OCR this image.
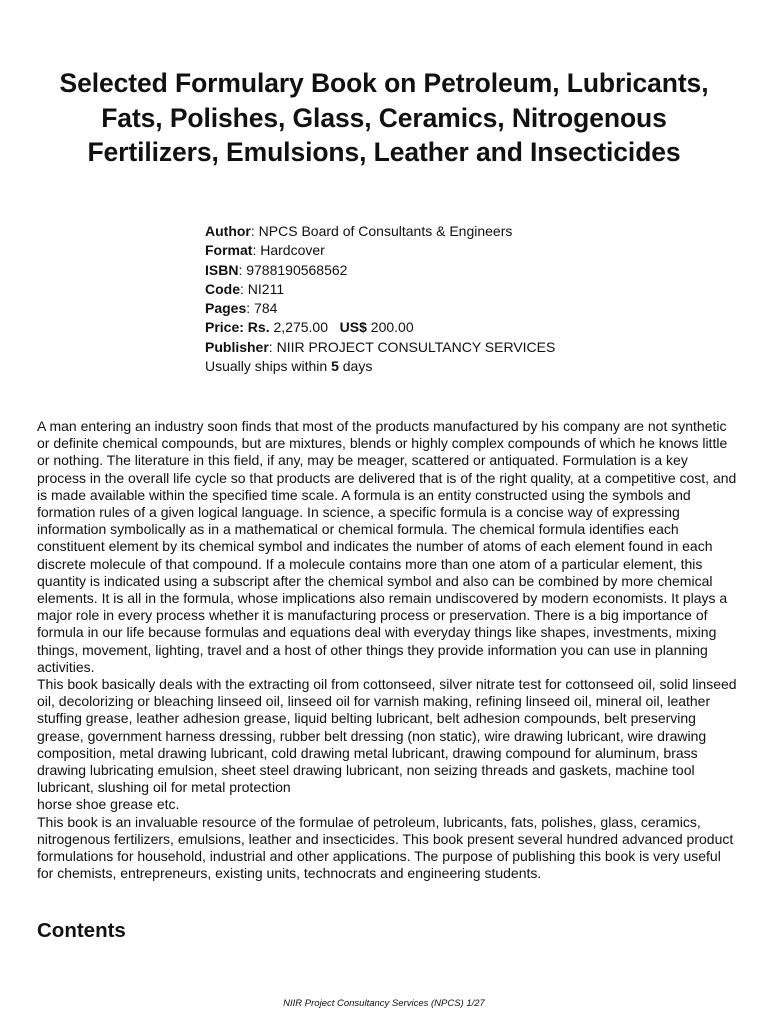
Selected Formulary Book on Petroleum, Lubricants, Fats, Polishes, Glass, Ceramics, Nitrogenous Fertilizers, Emulsions, Leather and Insecticides
Author: NPCS Board of Consultants & Engineers
Format: Hardcover
ISBN: 9788190568562
Code: NI211
Pages: 784
Price: Rs. 2,275.00 US$ 200.00
Publisher: NIIR PROJECT CONSULTANCY SERVICES
Usually ships within 5 days

A man entering an industry soon finds that most of the products manufactured by his company are not synthetic or definite chemical compounds, but are mixtures, blends or highly complex compounds of which he knows little or nothing. The literature in this field, if any, may be meager, scattered or antiquated. Formulation is a key process in the overall life cycle so that products are delivered that is of the right quality, at a competitive cost, and is made available within the specified time scale. A formula is an entity constructed using the symbols and formation rules of a given logical language. In science, a specific formula is a concise way of expressing information symbolically as in a mathematical or chemical formula. The chemical formula identifies each constituent element by its chemical symbol and indicates the number of atoms of each element found in each discrete molecule of that compound. If a molecule contains more than one atom of a particular element, this quantity is indicated using a subscript after the chemical symbol and also can be combined by more chemical elements. It is all in the formula, whose implications also remain undiscovered by modern economists. It plays a major role in every process whether it is manufacturing process or preservation. There is a big importance of formula in our life because formulas and equations deal with everyday things like shapes, investments, mixing things, movement, lighting, travel and a host of other things they provide information you can use in planning activities.

This book basically deals with the extracting oil from cottonseed, silver nitrate test for cottonseed oil, solid linseed oil, decolorizing or bleaching linseed oil, linseed oil for varnish making, refining linseed oil, mineral oil, leather stuffing grease, leather adhesion grease, liquid belting lubricant, belt adhesion compounds, belt preserving grease, government harness dressing, rubber belt dressing (non static), wire drawing lubricant, wire drawing composition, metal drawing lubricant, cold drawing metal lubricant, drawing compound for aluminum, brass drawing lubricating emulsion, sheet steel drawing lubricant, non seizing threads and gaskets, machine tool lubricant, slushing oil for metal protection

horse shoe grease etc.

This book is an invaluable resource of the formulae of petroleum, lubricants, fats, polishes, glass, ceramics, nitrogenous fertilizers, emulsions, leather and insecticides. This book present several hundred advanced product formulations for household, industrial and other applications. The purpose of publishing this book is very useful for chemists, entrepreneurs, existing units, technocrats and engineering students.

Contents
NIIR Project Consultancy Services (NPCS) 1/27
